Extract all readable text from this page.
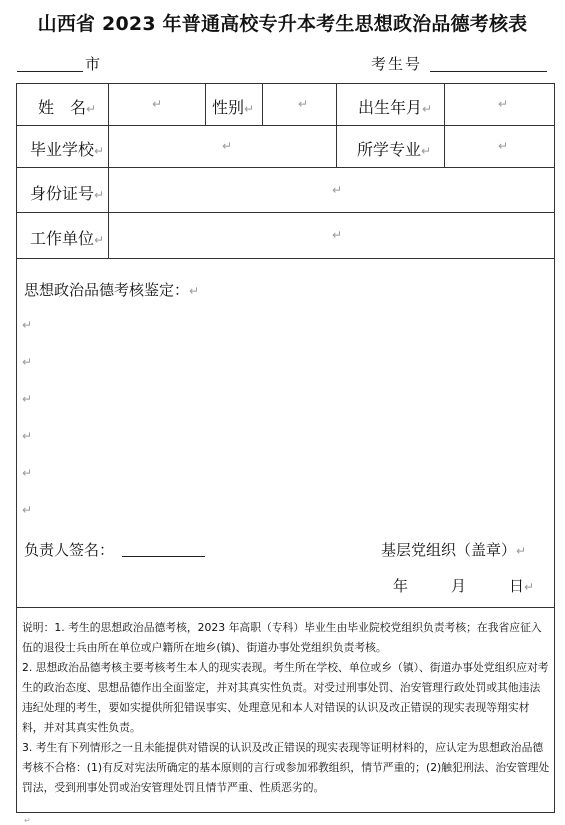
山西省 2023 年普通高校专升本考生思想政治品德考核表
市	考生号
姓　名↵	↵	性别↵	↵	出生年月↵	↵
毕业学校↵	↵	所学专业↵	↵
身份证号↵	↵
工作单位↵	↵
思想政治品德考核鉴定：↵
↵
↵
↵
↵
↵
↵
负责人签名：	基层党组织（盖章）↵
年	月	日↵

说明：1. 考生的思想政治品德考核，2023 年高职（专科）毕业生由毕业院校党组织负责考核；在我省应征入伍的退役士兵由所在单位或户籍所在地乡(镇)、街道办事处党组织负责考核。

2. 思想政治品德考核主要考核考生本人的现实表现。考生所在学校、单位或乡（镇）、街道办事处党组织应对考生的政治态度、思想品德作出全面鉴定，并对其真实性负责。对受过刑事处罚、治安管理行政处罚或其他违法违纪处理的考生，要如实提供所犯错误事实、处理意见和本人对错误的认识及改正错误的现实表现等翔实材料，并对其真实性负责。

3. 考生有下列情形之一且未能提供对错误的认识及改正错误的现实表现等证明材料的，应认定为思想政治品德考核不合格：(1)有反对宪法所确定的基本原则的言行或参加邪教组织，情节严重的；(2)触犯刑法、治安管理处罚法，受到刑事处罚或治安管理处罚且情节严重、性质恶劣的。

↵
